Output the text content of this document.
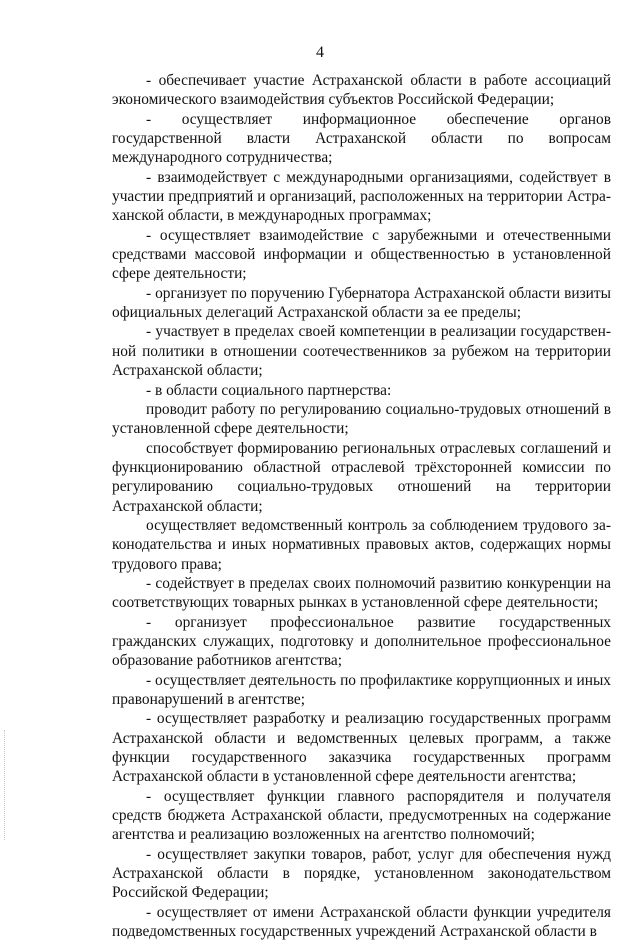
4

- обеспечивает участие Астраханской области в работе ассоциаций экономического взаимодействия субъектов Российской Федерации;

- осуществляет информационное обеспечение органов государственной власти Астраханской области по вопросам международного сотрудничества;

- взаимодействует с международными организациями, содействует в участии предприятий и организаций, расположенных на территории Астраханской области, в международных программах;

- осуществляет взаимодействие с зарубежными и отечественными средствами массовой информации и общественностью в установленной сфере деятельности;

- организует по поручению Губернатора Астраханской области визиты официальных делегаций Астраханской области за ее пределы;

- участвует в пределах своей компетенции в реализации государственной политики в отношении соотечественников за рубежом на территории Астраханской области;

- в области социального партнерства:

проводит работу по регулированию социально-трудовых отношений в установленной сфере деятельности;

способствует формированию региональных отраслевых соглашений и функционированию областной отраслевой трёхсторонней комиссии по регулированию социально-трудовых отношений на территории Астраханской области;

осуществляет ведомственный контроль за соблюдением трудового законодательства и иных нормативных правовых актов, содержащих нормы трудового права;

- содействует в пределах своих полномочий развитию конкуренции на соответствующих товарных рынках в установленной сфере деятельности;

- организует профессиональное развитие государственных гражданских служащих, подготовку и дополнительное профессиональное образование работников агентства;

- осуществляет деятельность по профилактике коррупционных и иных правонарушений в агентстве;

- осуществляет разработку и реализацию государственных программ Астраханской области и ведомственных целевых программ, а также функции государственного заказчика государственных программ Астраханской области в установленной сфере деятельности агентства;

- осуществляет функции главного распорядителя и получателя средств бюджета Астраханской области, предусмотренных на содержание агентства и реализацию возложенных на агентство полномочий;

- осуществляет закупки товаров, работ, услуг для обеспечения нужд Астраханской области в порядке, установленном законодательством Российской Федерации;

- осуществляет от имени Астраханской области функции учредителя подведомственных государственных учреждений Астраханской области в
